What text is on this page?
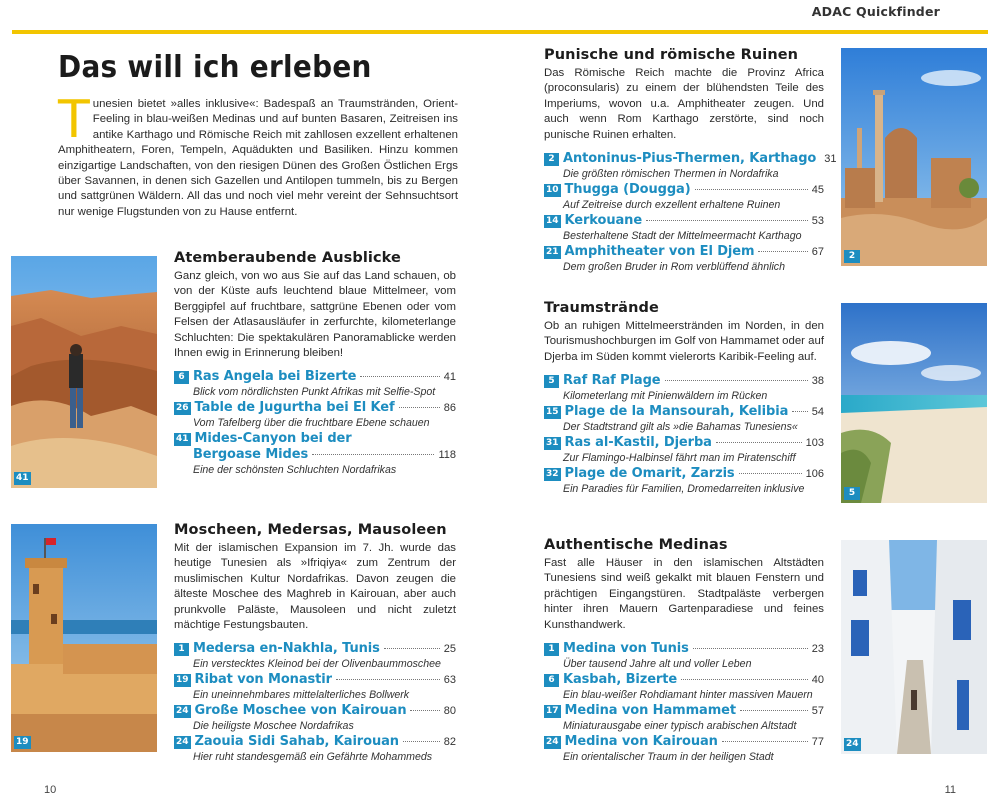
ADAC Quickfinder
Das will ich erleben
Tunesien bietet »alles inklusive«: Badespaß an Traumstränden, Orient-Feeling in blau-weißen Medinas und auf bunten Basaren, Zeitreisen ins antike Karthago und Römische Reich mit zahllosen exzellent erhaltenen Amphitheatern, Foren, Tempeln, Aquädukten und Basiliken. Hinzu kommen einzigartige Landschaften, von den riesigen Dünen des Großen Östlichen Ergs über Savannen, in denen sich Gazellen und Antilopen tummeln, bis zu Bergen und sattgrünen Wäldern. All das und noch viel mehr vereint der Sehnsuchtsort nur wenige Flugstunden von zu Hause entfernt.
41
Atemberaubende Ausblicke
Ganz gleich, von wo aus Sie auf das Land schauen, ob von der Küste aufs leuchtend blaue Mittelmeer, vom Berggipfel auf fruchtbare, sattgrüne Ebenen oder vom Felsen der Atlasausläufer in zerfurchte, kilometerlange Schluchten: Die spektakulären Panoramablicke werden Ihnen ewig in Erinnerung bleiben!
6 Ras Angela bei Bizerte	41
Blick vom nördlichsten Punkt Afrikas mit Selfie-Spot
26 Table de Jugurtha bei El Kef	86
Vom Tafelberg über die fruchtbare Ebene schauen
41 Mides-Canyon bei der
Bergoase Mides	118
Eine der schönsten Schluchten Nordafrikas
19
Moscheen, Medersas, Mausoleen
Mit der islamischen Expansion im 7. Jh. wurde das heutige Tunesien als »Ifriqiya« zum Zentrum der muslimischen Kultur Nordafrikas. Davon zeugen die älteste Moschee des Maghreb in Kairouan, aber auch prunkvolle Paläste, Mausoleen und nicht zuletzt mächtige Festungsbauten.
1 Medersa en-Nakhla, Tunis	25
Ein verstecktes Kleinod bei der Olivenbaummoschee
19 Ribat von Monastir	63
Ein uneinnehmbares mittelalterliches Bollwerk
24 Große Moschee von Kairouan	80
Die heiligste Moschee Nordafrikas
24 Zaouia Sidi Sahab, Kairouan	82
Hier ruht standesgemäß ein Gefährte Mohammeds
Punische und römische Ruinen
Das Römische Reich machte die Provinz Africa (proconsularis) zu einem der blühendsten Teile des Imperiums, wovon u.a. Amphitheater zeugen. Und auch wenn Rom Karthago zerstörte, sind noch punische Ruinen erhalten.
2 Antoninus-Pius-Thermen, Karthago 31
Die größten römischen Thermen in Nordafrika
10 Thugga (Dougga)	45
Auf Zeitreise durch exzellent erhaltene Ruinen
14 Kerkouane	53
Besterhaltene Stadt der Mittelmeermacht Karthago
21 Amphitheater von El Djem	67
Dem großen Bruder in Rom verblüffend ähnlich
2
Traumstrände
Ob an ruhigen Mittelmeerstränden im Norden, in den Tourismushochburgen im Golf von Hammamet oder auf Djerba im Süden kommt vielerorts Karibik-Feeling auf.
5 Raf Raf Plage	38
Kilometerlang mit Pinienwäldern im Rücken
15 Plage de la Mansourah, Kelibia 54
Der Stadtstrand gilt als »die Bahamas Tunesiens«
31 Ras al-Kastil, Djerba	103
Zur Flamingo-Halbinsel fährt man im Piratenschiff
32 Plage de Omarit, Zarzis	106
Ein Paradies für Familien, Dromedarreiten inklusive	5
Authentische Medinas
Fast alle Häuser in den islamischen Altstädten Tunesiens sind weiß gekalkt mit blauen Fenstern und prächtigen Eingangstüren. Stadtpaläste verbergen hinter ihren Mauern Gartenparadiese und feines Kunsthandwerk.
1 Medina von Tunis	23
Über tausend Jahre alt und voller Leben
6 Kasbah, Bizerte	40
Ein blau-weißer Rohdiamant hinter massiven Mauern
17 Medina von Hammamet	57
Miniaturausgabe einer typisch arabischen Altstadt
24 Medina von Kairouan	77
Ein orientalischer Traum in der heiligen Stadt
24
10	11
